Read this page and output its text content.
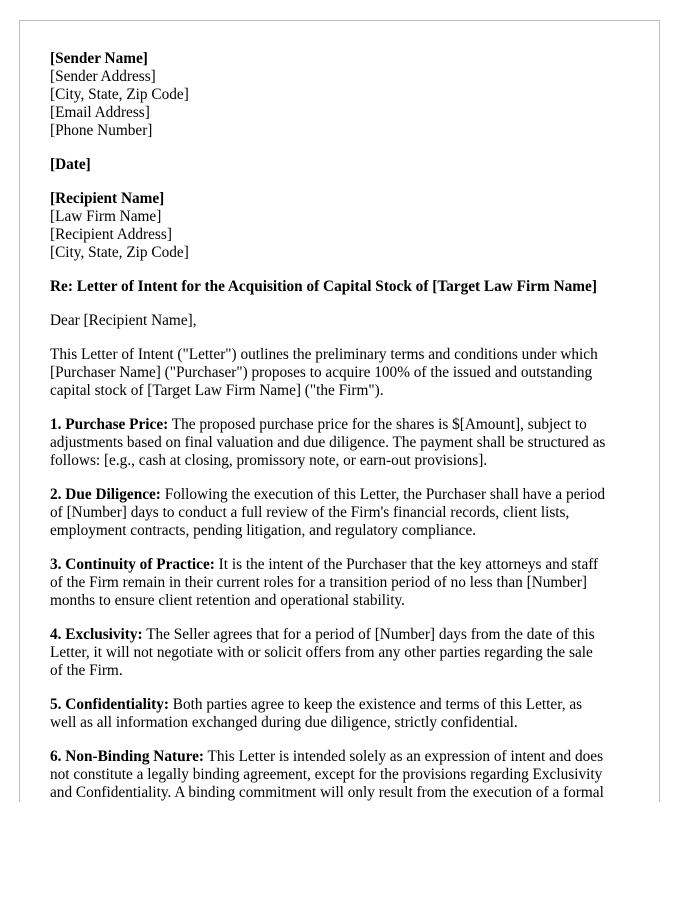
[Sender Name]
[Sender Address]
[City, State, Zip Code]
[Email Address]
[Phone Number]
[Date]
[Recipient Name]
[Law Firm Name]
[Recipient Address]
[City, State, Zip Code]
Re: Letter of Intent for the Acquisition of Capital Stock of [Target Law Firm Name]
Dear [Recipient Name],
This Letter of Intent ("Letter") outlines the preliminary terms and conditions under which
[Purchaser Name] ("Purchaser") proposes to acquire 100% of the issued and outstanding
capital stock of [Target Law Firm Name] ("the Firm").
1. Purchase Price: The proposed purchase price for the shares is $[Amount], subject to
adjustments based on final valuation and due diligence. The payment shall be structured as
follows: [e.g., cash at closing, promissory note, or earn-out provisions].
2. Due Diligence: Following the execution of this Letter, the Purchaser shall have a period
of [Number] days to conduct a full review of the Firm's financial records, client lists,
employment contracts, pending litigation, and regulatory compliance.
3. Continuity of Practice: It is the intent of the Purchaser that the key attorneys and staff
of the Firm remain in their current roles for a transition period of no less than [Number]
months to ensure client retention and operational stability.
4. Exclusivity: The Seller agrees that for a period of [Number] days from the date of this
Letter, it will not negotiate with or solicit offers from any other parties regarding the sale
of the Firm.
5. Confidentiality: Both parties agree to keep the existence and terms of this Letter, as
well as all information exchanged during due diligence, strictly confidential.
6. Non-Binding Nature: This Letter is intended solely as an expression of intent and does
not constitute a legally binding agreement, except for the provisions regarding Exclusivity
and Confidentiality. A binding commitment will only result from the execution of a formal
